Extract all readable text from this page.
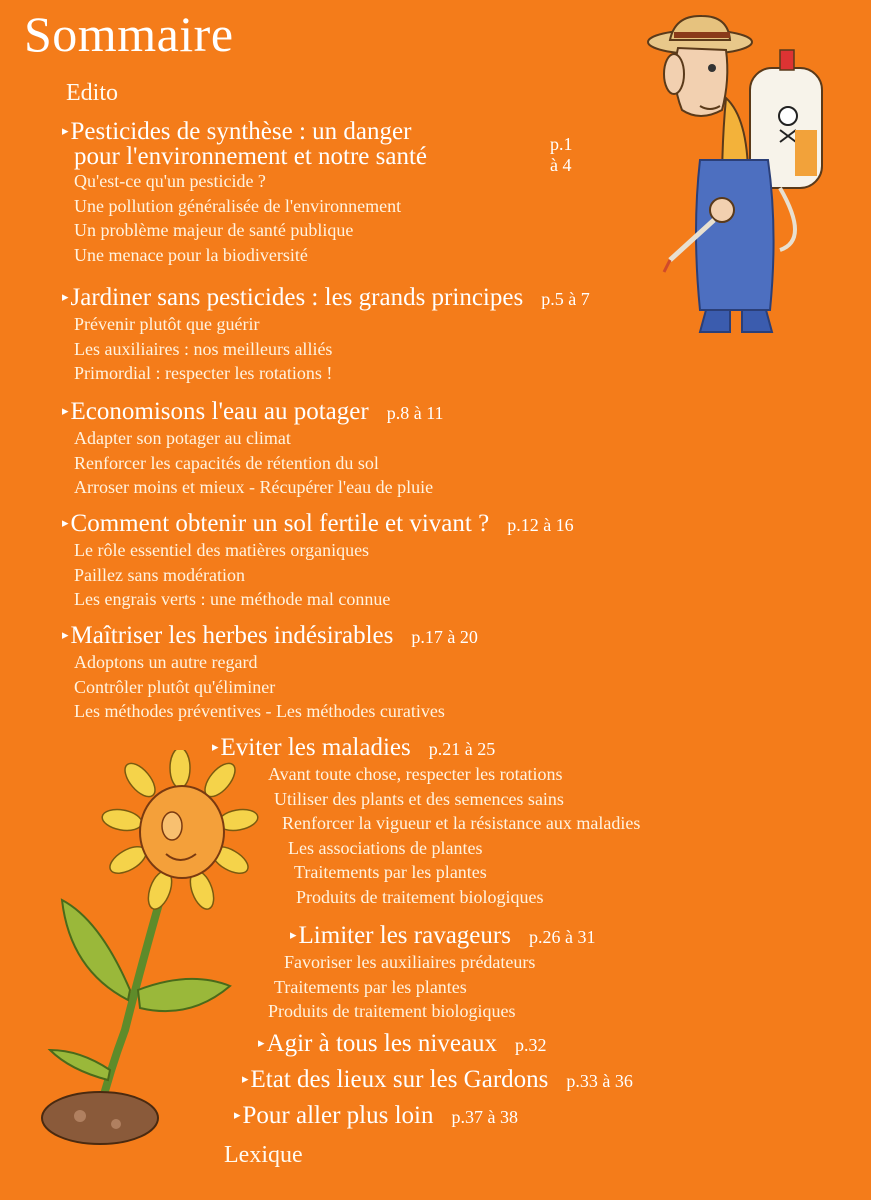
Sommaire
Edito
▸Pesticides de synthèse : un danger
pour l'environnement et notre santé	p.1 à 4
Qu'est-ce qu'un pesticide ?
Une pollution généralisée de l'environnement
Un problème majeur de santé publique
Une menace pour la biodiversité
▸Jardiner sans pesticides : les grands principes p.5 à 7
Prévenir plutôt que guérir
Les auxiliaires : nos meilleurs alliés
Primordial : respecter les rotations !
▸Economisons l'eau au potager p.8 à 11
Adapter son potager au climat
Renforcer les capacités de rétention du sol
Arroser moins et mieux - Récupérer l'eau de pluie
▸Comment obtenir un sol fertile et vivant ? p.12 à 16
Le rôle essentiel des matières organiques
Paillez sans modération
Les engrais verts : une méthode mal connue
▸Maîtriser les herbes indésirables p.17 à 20
Adoptons un autre regard
Contrôler plutôt qu'éliminer
Les méthodes préventives - Les méthodes curatives
▸Eviter les maladies p.21 à 25
Avant toute chose, respecter les rotations
Utiliser des plants et des semences sains
Renforcer la vigueur et la résistance aux maladies
Les associations de plantes
Traitements par les plantes
Produits de traitement biologiques
▸Limiter les ravageurs p.26 à 31
Favoriser les auxiliaires prédateurs
Traitements par les plantes
Produits de traitement biologiques
▸Agir à tous les niveaux p.32
▸Etat des lieux sur les Gardons p.33 à 36
▸Pour aller plus loin p.37 à 38
Lexique
